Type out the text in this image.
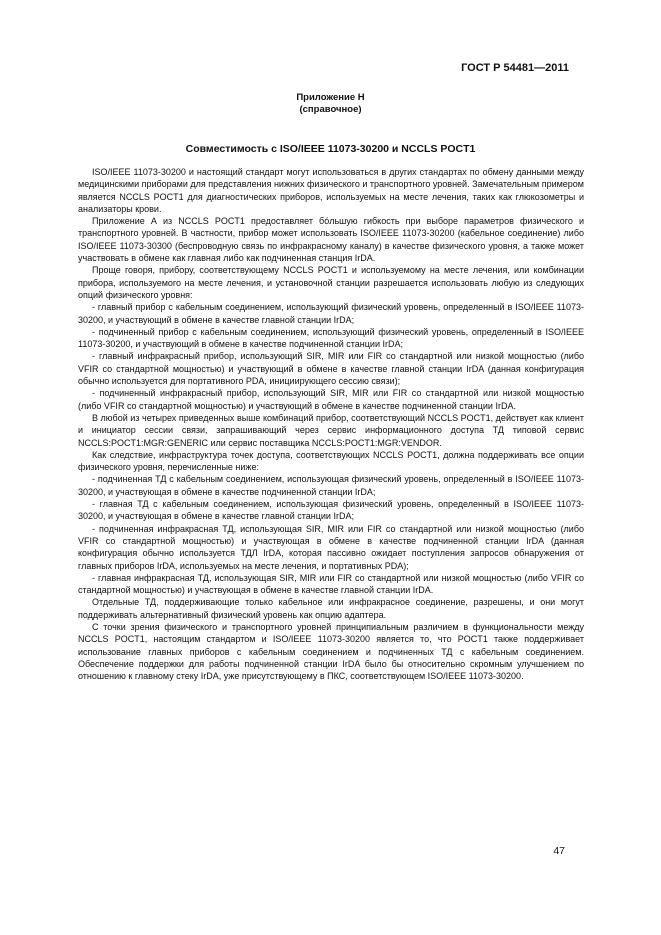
ГОСТ Р 54481—2011
Приложение Н
(справочное)
Совместимость с ISO/IEEE 11073-30200 и NCCLS POCT1

ISO/IEEE 11073-30200 и настоящий стандарт могут использоваться в других стандартах по обмену данными между медицинскими приборами для представления нижних физического и транспортного уровней. Замечательным примером является NCCLS POCT1 для диагностических приборов, используемых на месте лечения, таких как глюкозометры и анализаторы крови.

Приложение А из NCCLS POCT1 предоставляет бо́льшую гибкость при выборе параметров физического и транспортного уровней. В частности, прибор может использовать ISO/IEEE 11073-30200 (кабельное соединение) либо ISO/IEEE 11073-30300 (беспроводную связь по инфракрасному каналу) в качестве физического уровня, а также может участвовать в обмене как главная либо как подчиненная станция IrDA.

Проще говоря, прибору, соответствующему NCCLS POCT1 и используемому на месте лечения, или комбинации прибора, используемого на месте лечения, и установочной станции разрешается использовать любую из следующих опций физического уровня:

- главный прибор с кабельным соединением, использующий физический уровень, определенный в ISO/IEEE 11073-30200, и участвующий в обмене в качестве главной станции IrDA;

- подчиненный прибор с кабельным соединением, использующий физический уровень, определенный в ISO/IEEE 11073-30200, и участвующий в обмене в качестве подчиненной станции IrDA;

- главный инфракрасный прибор, использующий SIR, MIR или FIR со стандартной или низкой мощностью (либо VFIR со стандартной мощностью) и участвующий в обмене в качестве главной станции IrDA (данная конфигурация обычно используется для портативного PDA, инициирующего сессию связи);

- подчиненный инфракрасный прибор, использующий SIR, MIR или FIR со стандартной или низкой мощностью (либо VFIR со стандартной мощностью) и участвующий в обмене в качестве подчиненной станции IrDA.

В любой из четырех приведенных выше комбинаций прибор, соответствующий NCCLS POCT1, действует как клиент и инициатор сессии связи, запрашивающий через сервис информационного доступа ТД типовой сервис NCCLS:POCT1:MGR:GENERIC или сервис поставщика NCCLS:POCT1:MGR:VENDOR.

Как следствие, инфраструктура точек доступа, соответствующих NCCLS POCT1, должна поддерживать все опции физического уровня, перечисленные ниже:

- подчиненная ТД с кабельным соединением, использующая физический уровень, определенный в ISO/IEEE 11073-30200, и участвующая в обмене в качестве подчиненной станции IrDA;

- главная ТД с кабельным соединением, использующая физический уровень, определенный в ISO/IEEE 11073-30200, и участвующая в обмене в качестве главной станции IrDA;

- подчиненная инфракрасная ТД, использующая SIR, MIR или FIR со стандартной или низкой мощностью (либо VFIR со стандартной мощностью) и участвующая в обмене в качестве подчиненной станции IrDA (данная конфигурация обычно используется ТДЛ IrDA, которая пассивно ожидает поступления запросов обнаружения от главных приборов IrDA, используемых на месте лечения, и портативных PDA);

- главная инфракрасная ТД, использующая SIR, MIR или FIR со стандартной или низкой мощностью (либо VFIR со стандартной мощностью) и участвующая в обмене в качестве главной станции IrDA.

Отдельные ТД, поддерживающие только кабельное или инфракрасное соединение, разрешены, и они могут поддерживать альтернативный физический уровень как опцию адаптера.

С точки зрения физического и транспортного уровней принципиальным различием в функциональности между NCCLS POCT1, настоящим стандартом и ISO/IEEE 11073-30200 является то, что POCT1 также поддерживает использование главных приборов с кабельным соединением и подчиненных ТД с кабельным соединением. Обеспечение поддержки для работы подчиненной станции IrDA было бы относительно скромным улучшением по отношению к главному стеку IrDA, уже присутствующему в ПКС, соответствующем ISO/IEEE 11073-30200.

47
